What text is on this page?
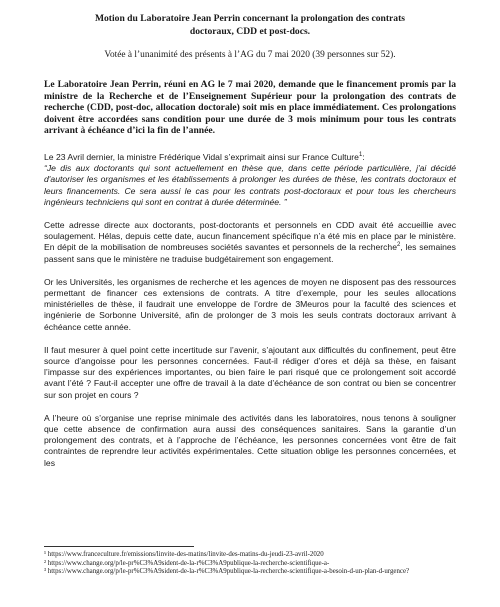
Motion du Laboratoire Jean Perrin concernant la prolongation des contrats
doctoraux, CDD et post-docs.

Votée à l’unanimité des présents à l’AG du 7 mai 2020 (39 personnes sur 52).

Le Laboratoire Jean Perrin, réuni en AG le 7 mai 2020, demande que le financement promis par la ministre de la Recherche et de l’Enseignement Supérieur pour la prolongation des contrats de recherche (CDD, post-doc, allocation doctorale) soit mis en place immédiatement. Ces prolongations doivent être accordées sans condition pour une durée de 3 mois minimum pour tous les contrats arrivant à échéance d’ici la fin de l’année.

Le 23 Avril dernier, la ministre Frédérique Vidal s’exprimait ainsi sur France Culture$^1$:
“Je dis aux doctorants qui sont actuellement en thèse que, dans cette période particulière, j'ai décidé d'autoriser les organismes et les établissements à prolonger les durées de thèse, les contrats doctoraux et leurs financements. Ce sera aussi le cas pour les contrats post-doctoraux et pour tous les chercheurs ingénieurs techniciens qui sont en contrat à durée déterminée. ”

Cette adresse directe aux doctorants, post-doctorants et personnels en CDD avait été accueillie avec soulagement. Hélas, depuis cette date, aucun financement spécifique n’a été mis en place par le ministère. En dépit de la mobilisation de nombreuses sociétés savantes et personnels de la recherche$^2$, les semaines passent sans que le ministère ne traduise budgétairement son engagement.

Or les Universités, les organismes de recherche et les agences de moyen ne disposent pas des ressources permettant de financer ces extensions de contrats. A titre d’exemple, pour les seules allocations ministérielles de thèse, il faudrait une enveloppe de l’ordre de 3Meuros pour la faculté des sciences et ingénierie de Sorbonne Université, afin de prolonger de 3 mois les seuls contrats doctoraux arrivant à échéance cette année.

Il faut mesurer à quel point cette incertitude sur l’avenir, s’ajoutant aux difficultés du confinement, peut être source d’angoisse pour les personnes concernées. Faut-il rédiger d’ores et déjà sa thèse, en faisant l’impasse sur des expériences importantes, ou bien faire le pari risqué que ce prolongement soit accordé avant l’été ? Faut-il accepter une offre de travail à la date d’échéance de son contrat ou bien se concentrer sur son projet en cours ?

A l’heure où s’organise une reprise minimale des activités dans les laboratoires, nous tenons à souligner que cette absence de confirmation aura aussi des conséquences sanitaires. Sans la garantie d’un prolongement des contrats, et à l’approche de l’échéance, les personnes concernées vont être de fait contraintes de reprendre leur activités expérimentales. Cette situation oblige les personnes concernées, et les

¹ https://www.franceculture.fr/emissions/linvite-des-matins/linvite-des-matins-du-jeudi-23-avril-2020

² https://www.change.org/p/le-pr%C3%A9sident-de-la-r%C3%A9publique-la-recherche-scientifique-a-

³ https://www.change.org/p/le-pr%C3%A9sident-de-la-r%C3%A9publique-la-recherche-scientifique-a-besoin-d-un-plan-d-urgence?
